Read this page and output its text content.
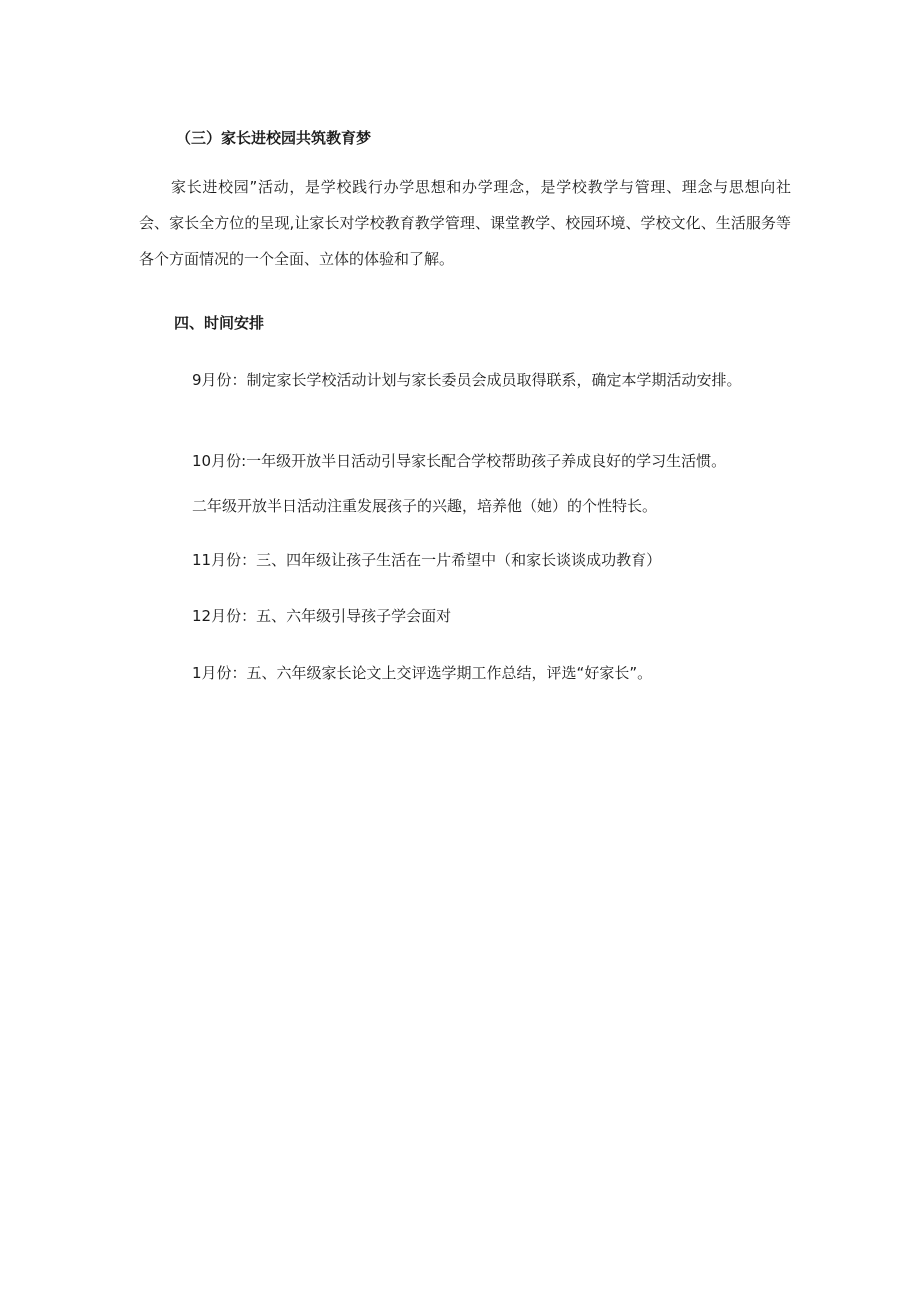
（三）家长进校园共筑教育梦

家长进校园”活动，是学校践行办学思想和办学理念，是学校教学与管理、理念与思想向社会、家长全方位的呈现,让家长对学校教育教学管理、课堂教学、校园环境、学校文化、生活服务等各个方面情况的一个全面、立体的体验和了解。

四、时间安排

9月份：制定家长学校活动计划与家长委员会成员取得联系，确定本学期活动安排。

10月份:一年级开放半日活动引导家长配合学校帮助孩子养成良好的学习生活惯。
二年级开放半日活动注重发展孩子的兴趣，培养他（她）的个性特长。
11月份：三、四年级让孩子生活在一片希望中（和家长谈谈成功教育）
12月份：五、六年级引导孩子学会面对
1月份：五、六年级家长论文上交评选学期工作总结，评选“好家长”。
